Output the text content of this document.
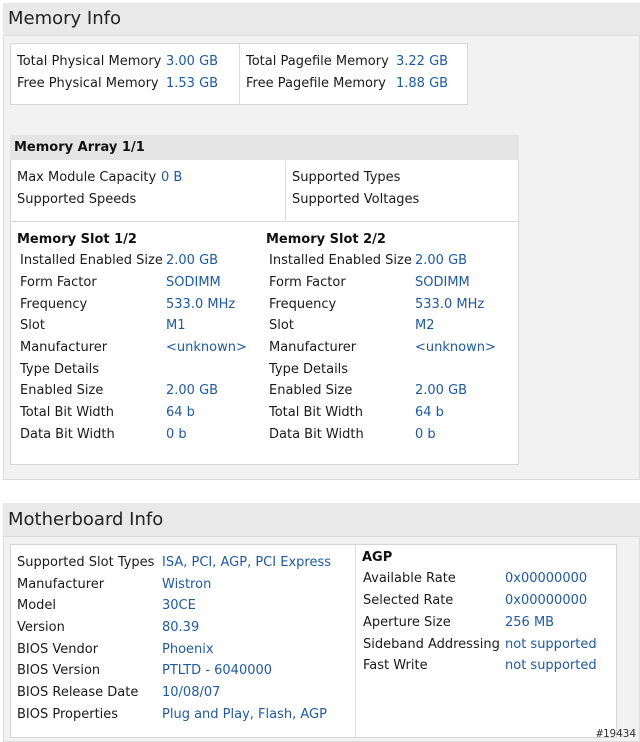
Memory Info
Total Physical Memory 3.00 GB
Free Physical Memory 1.53 GB
Total Pagefile Memory 3.22 GB
Free Pagefile Memory 1.88 GB
Memory Array 1/1
Max Module Capacity 0 B
Supported Speeds
Supported Types
Supported Voltages
Memory Slot 1/2
Installed Enabled Size 2.00 GB
Form Factor	SODIMM
Frequency	533.0 MHz
Slot	M1
Manufacturer	<unknown>
Type Details
Enabled Size	2.00 GB
Total Bit Width	64 b
Data Bit Width	0 b
Memory Slot 2/2
Installed Enabled Size 2.00 GB
Form Factor	SODIMM
Frequency	533.0 MHz
Slot	M2
Manufacturer	<unknown>
Type Details
Enabled Size	2.00 GB
Total Bit Width	64 b
Data Bit Width	0 b
Motherboard Info
Supported Slot Types ISA, PCI, AGP, PCI Express
Manufacturer	Wistron
Model	30CE
Version	80.39
BIOS Vendor	Phoenix
BIOS Version	PTLTD - 6040000
BIOS Release Date 10/08/07
BIOS Properties	Plug and Play, Flash, AGP
AGP
Available Rate	0x00000000
Selected Rate	0x00000000
Aperture Size	256 MB
Sideband Addressing not supported
Fast Write	not supported
#19434
